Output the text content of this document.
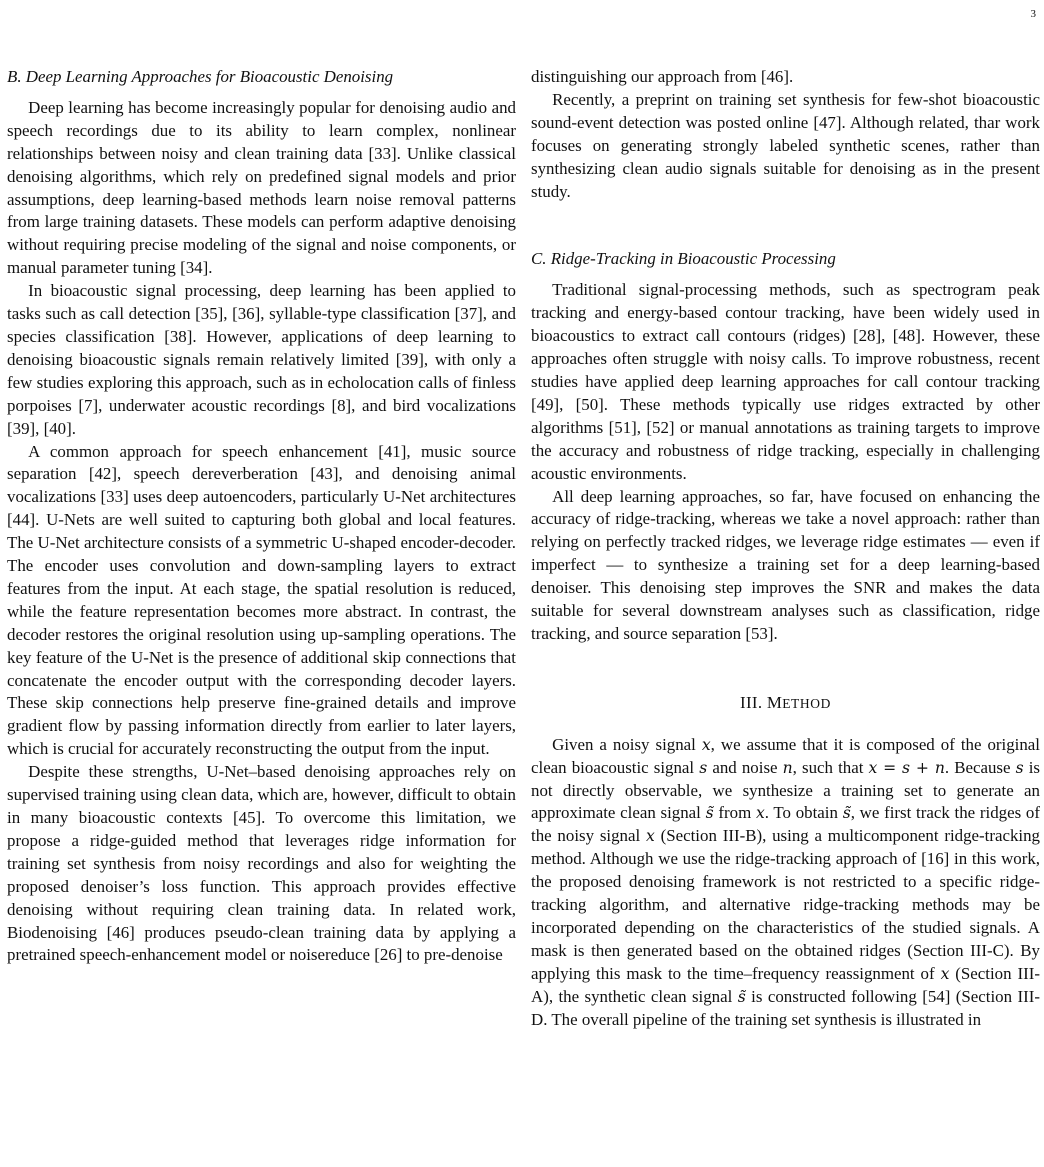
3
B. Deep Learning Approaches for Bioacoustic Denoising

Deep learning has become increasingly popular for denoising audio and speech recordings due to its ability to learn complex, nonlinear relationships between noisy and clean training data [33]. Unlike classical denoising algorithms, which rely on predefined signal models and prior assumptions, deep learning-based methods learn noise removal patterns from large training datasets. These models can perform adaptive denoising without requiring precise modeling of the signal and noise components, or manual parameter tuning [34].

In bioacoustic signal processing, deep learning has been applied to tasks such as call detection [35], [36], syllable-type classification [37], and species classification [38]. However, applications of deep learning to denoising bioacoustic signals remain relatively limited [39], with only a few studies exploring this approach, such as in echolocation calls of finless porpoises [7], underwater acoustic recordings [8], and bird vocalizations [39], [40].

A common approach for speech enhancement [41], music source separation [42], speech dereverberation [43], and denoising animal vocalizations [33] uses deep autoencoders, particularly U-Net architectures [44]. U-Nets are well suited to capturing both global and local features. The U-Net architecture consists of a symmetric U-shaped encoder-decoder. The encoder uses convolution and down-sampling layers to extract features from the input. At each stage, the spatial resolution is reduced, while the feature representation becomes more abstract. In contrast, the decoder restores the original resolution using up-sampling operations. The key feature of the U-Net is the presence of additional skip connections that concatenate the encoder output with the corresponding decoder layers. These skip connections help preserve fine-grained details and improve gradient flow by passing information directly from earlier to later layers, which is crucial for accurately reconstructing the output from the input.

Despite these strengths, U-Net–based denoising approaches rely on supervised training using clean data, which are, however, difficult to obtain in many bioacoustic contexts [45]. To overcome this limitation, we propose a ridge-guided method that leverages ridge information for training set synthesis from noisy recordings and also for weighting the proposed denoiser’s loss function. This approach provides effective denoising without requiring clean training data. In related work, Biodenoising [46] produces pseudo-clean training data by applying a pretrained speech-enhancement model or noisereduce [26] to pre-denoise

distinguishing our approach from [46].

Recently, a preprint on training set synthesis for few-shot bioacoustic sound-event detection was posted online [47]. Although related, thar work focuses on generating strongly labeled synthetic scenes, rather than synthesizing clean audio signals suitable for denoising as in the present study.

C. Ridge-Tracking in Bioacoustic Processing

Traditional signal-processing methods, such as spectrogram peak tracking and energy-based contour tracking, have been widely used in bioacoustics to extract call contours (ridges) [28], [48]. However, these approaches often struggle with noisy calls. To improve robustness, recent studies have applied deep learning approaches for call contour tracking [49], [50]. These methods typically use ridges extracted by other algorithms [51], [52] or manual annotations as training targets to improve the accuracy and robustness of ridge tracking, especially in challenging acoustic environments.

All deep learning approaches, so far, have focused on enhancing the accuracy of ridge-tracking, whereas we take a novel approach: rather than relying on perfectly tracked ridges, we leverage ridge estimates — even if imperfect — to synthesize a training set for a deep learning-based denoiser. This denoising step improves the SNR and makes the data suitable for several downstream analyses such as classification, ridge tracking, and source separation [53].

III. METHOD

Given a noisy signal x, we assume that it is composed of the original clean bioacoustic signal s and noise n, such that x = s + n. Because s is not directly observable, we synthesize a training set to generate an approximate clean signal s̃ from x. To obtain s̃, we first track the ridges of the noisy signal x (Section III-B), using a multicomponent ridge-tracking method. Although we use the ridge-tracking approach of [16] in this work, the proposed denoising framework is not restricted to a specific ridge-tracking algorithm, and alternative ridge-tracking methods may be incorporated depending on the characteristics of the studied signals. A mask is then generated based on the obtained ridges (Section III-C). By applying this mask to the time–frequency reassignment of x (Section III-A), the synthetic clean signal s̃ is constructed following [54] (Section III-D. The overall pipeline of the training set synthesis is illustrated in
